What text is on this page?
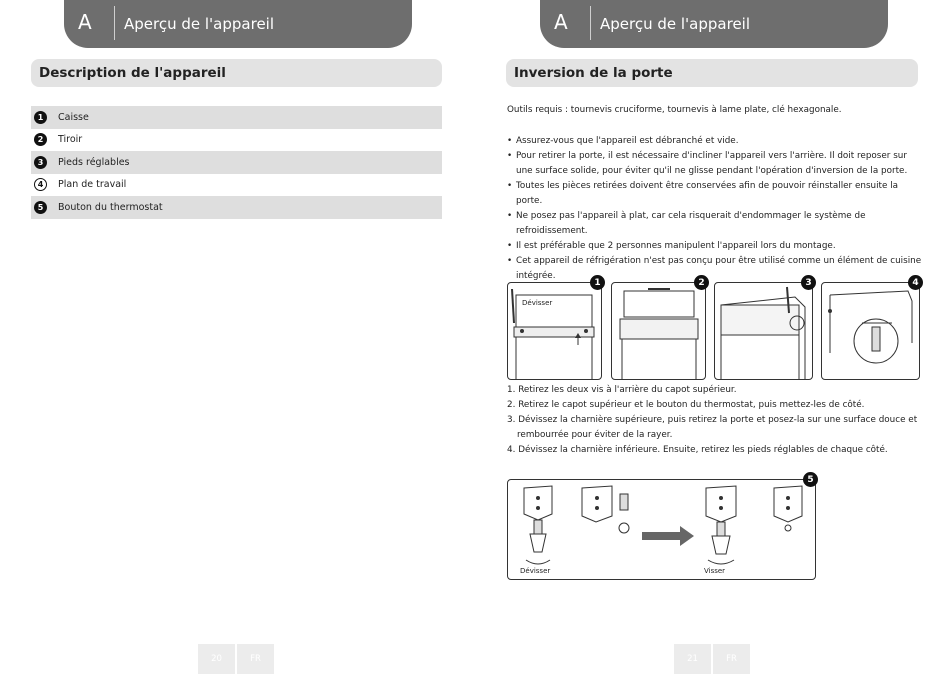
A Aperçu de l'appareil
Description de l'appareil
1	Caisse
2	Tiroir
3	Pieds réglables
4	Plan de travail
5	Bouton du thermostat
20	FR
A Aperçu de l'appareil
Inversion de la porte
Outils requis : tournevis cruciforme, tournevis à lame plate, clé hexagonale.
• Assurez-vous que l'appareil est débranché et vide.
• Pour retirer la porte, il est nécessaire d'incliner l'appareil vers l'arrière. Il doit reposer sur une surface solide, pour éviter qu'il ne glisse pendant l'opération d'inversion de la porte.
• Toutes les pièces retirées doivent être conservées afin de pouvoir réinstaller ensuite la porte.
• Ne posez pas l'appareil à plat, car cela risquerait d'endommager le système de refroidissement.
• Il est préférable que 2 personnes manipulent l'appareil lors du montage.
• Cet appareil de réfrigération n'est pas conçu pour être utilisé comme un élément de cuisine intégrée.
Dévisser
1	2	3	4
1. Retirez les deux vis à l'arrière du capot supérieur.
2. Retirez le capot supérieur et le bouton du thermostat, puis mettez-les de côté.
3. Dévissez la charnière supérieure, puis retirez la porte et posez-la sur une surface douce et rembourrée pour éviter de la rayer.
4. Dévissez la charnière inférieure. Ensuite, retirez les pieds réglables de chaque côté.
Dévisser	Visser
5
21	FR
